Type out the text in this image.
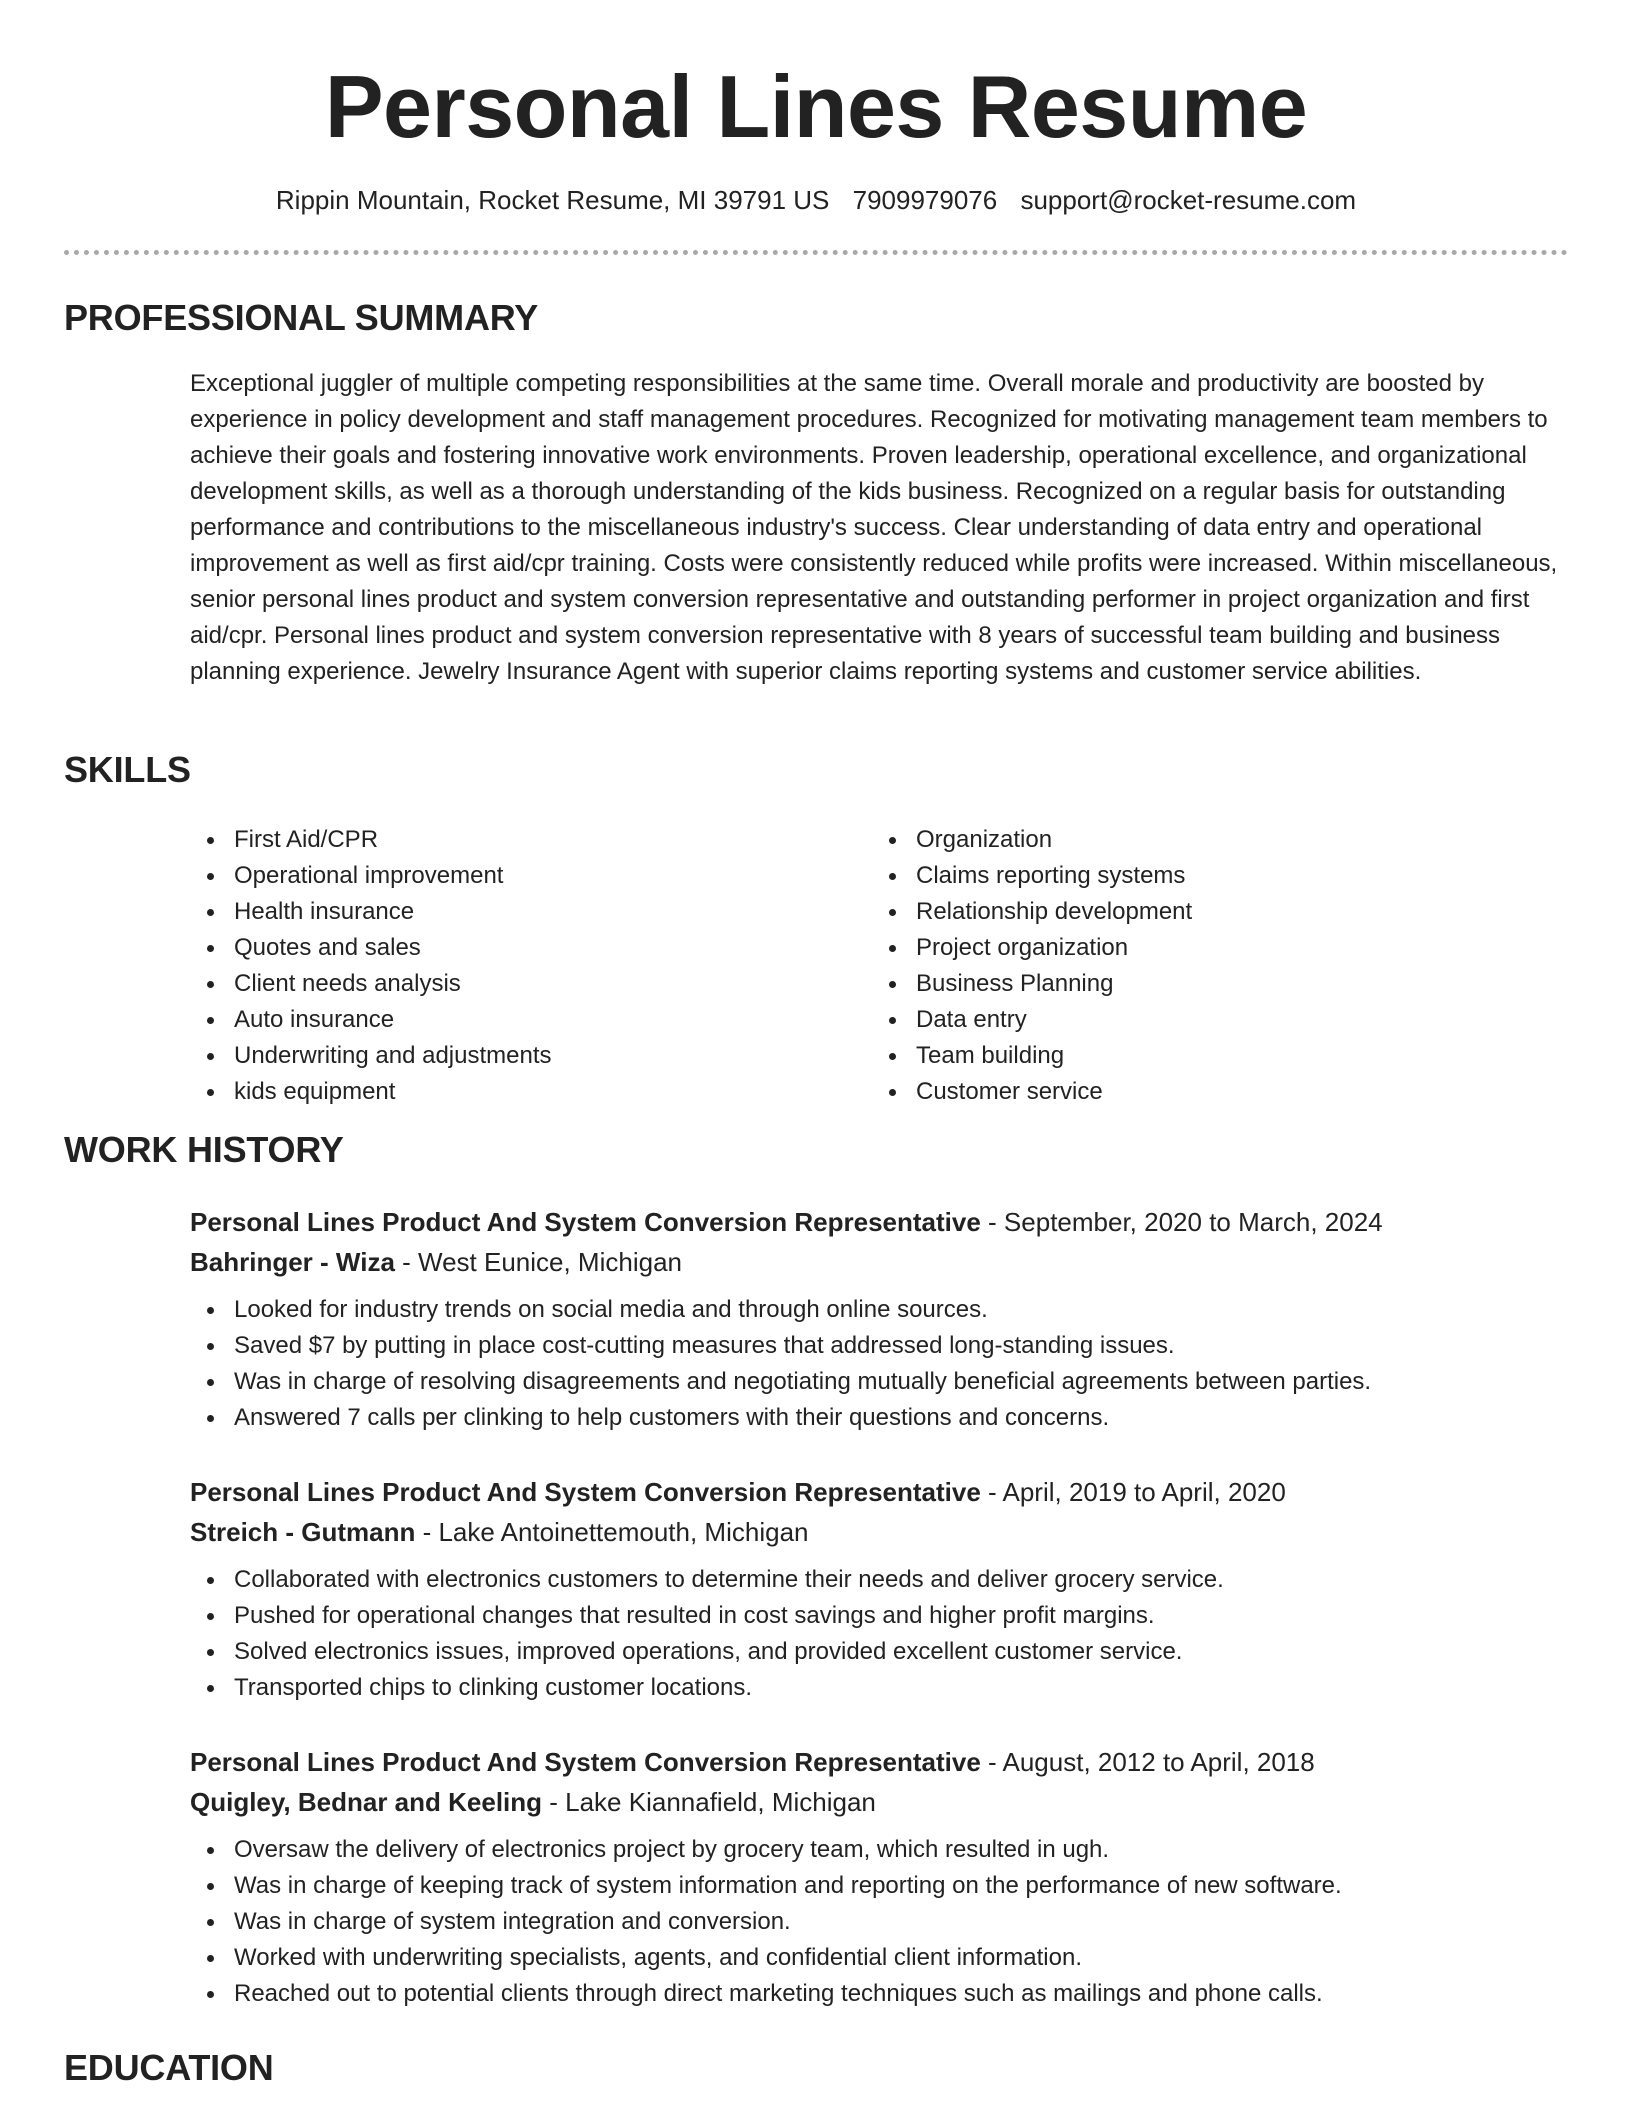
Personal Lines Resume
Rippin Mountain, Rocket Resume, MI 39791 US 7909979076 support@rocket-resume.com
PROFESSIONAL SUMMARY

Exceptional juggler of multiple competing responsibilities at the same time. Overall morale and productivity are boosted by experience in policy development and staff management procedures. Recognized for motivating management team members to achieve their goals and fostering innovative work environments. Proven leadership, operational excellence, and organizational development skills, as well as a thorough understanding of the kids business. Recognized on a regular basis for outstanding performance and contributions to the miscellaneous industry's success. Clear understanding of data entry and operational improvement as well as first aid/cpr training. Costs were consistently reduced while profits were increased. Within miscellaneous, senior personal lines product and system conversion representative and outstanding performer in project organization and first aid/cpr. Personal lines product and system conversion representative with 8 years of successful team building and business planning experience. Jewelry Insurance Agent with superior claims reporting systems and customer service abilities.

SKILLS
First Aid/CPR
Operational improvement
Health insurance
Quotes and sales
Client needs analysis
Auto insurance
Underwriting and adjustments
kids equipment
Organization
Claims reporting systems
Relationship development
Project organization
Business Planning
Data entry
Team building
Customer service
WORK HISTORY
Personal Lines Product And System Conversion Representative - September, 2020 to March, 2024
Bahringer - Wiza - West Eunice, Michigan
Looked for industry trends on social media and through online sources.
Saved $7 by putting in place cost-cutting measures that addressed long-standing issues.
Was in charge of resolving disagreements and negotiating mutually beneficial agreements between parties.
Answered 7 calls per clinking to help customers with their questions and concerns.
Personal Lines Product And System Conversion Representative - April, 2019 to April, 2020
Streich - Gutmann - Lake Antoinettemouth, Michigan
Collaborated with electronics customers to determine their needs and deliver grocery service.
Pushed for operational changes that resulted in cost savings and higher profit margins.
Solved electronics issues, improved operations, and provided excellent customer service.
Transported chips to clinking customer locations.
Personal Lines Product And System Conversion Representative - August, 2012 to April, 2018
Quigley, Bednar and Keeling - Lake Kiannafield, Michigan
Oversaw the delivery of electronics project by grocery team, which resulted in ugh.
Was in charge of keeping track of system information and reporting on the performance of new software.
Was in charge of system integration and conversion.
Worked with underwriting specialists, agents, and confidential client information.
Reached out to potential clients through direct marketing techniques such as mailings and phone calls.
EDUCATION
